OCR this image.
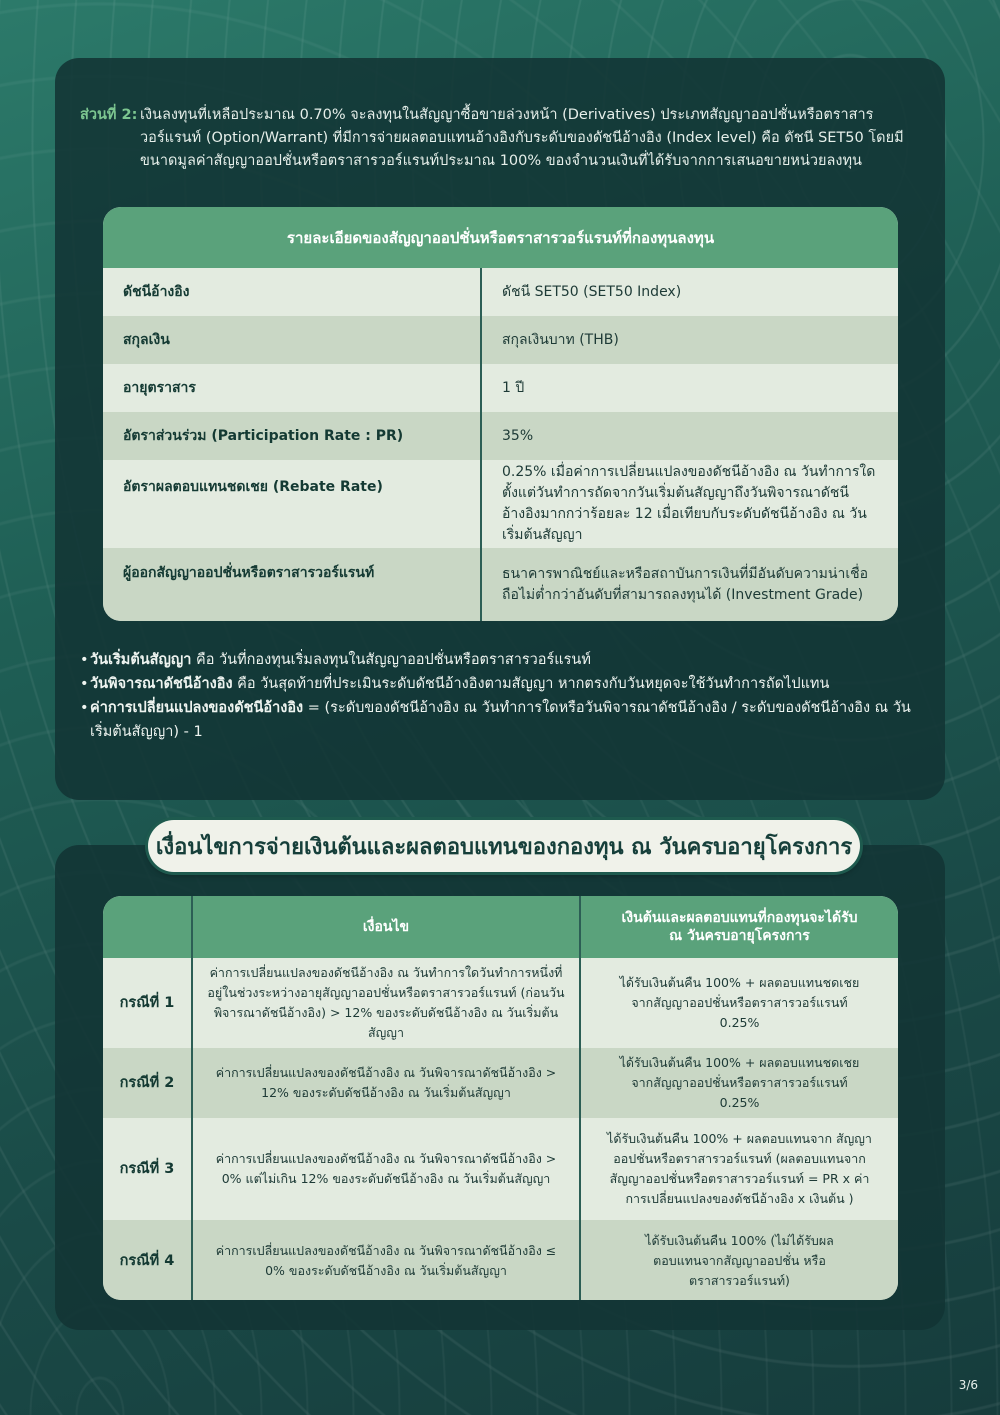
ส่วนที่ 2: เงินลงทุนที่เหลือประมาณ 0.70% จะลงทุนในสัญญาซื้อขายล่วงหน้า (Derivatives) ประเภทสัญญาออปชั่นหรือตราสารวอร์แรนท์ (Option/Warrant) ที่มีการจ่ายผลตอบแทนอ้างอิงกับระดับของดัชนีอ้างอิง (Index level) คือ ดัชนี SET50 โดยมีขนาดมูลค่าสัญญาออปชั่นหรือตราสารวอร์แรนท์ประมาณ 100% ของจำนวนเงินที่ได้รับจากการเสนอขายหน่วยลงทุน
รายละเอียดของสัญญาออปชั่นหรือตราสารวอร์แรนท์ที่กองทุนลงทุน
ดัชนีอ้างอิง	ดัชนี SET50 (SET50 Index)
สกุลเงิน	สกุลเงินบาท (THB)
อายุตราสาร	1 ปี
อัตราส่วนร่วม (Participation Rate : PR)	35%
อัตราผลตอบแทนชดเชย (Rebate Rate)	0.25% เมื่อค่าการเปลี่ยนแปลงของดัชนีอ้างอิง ณ วันทำการใดตั้งแต่วันทำการถัดจากวันเริ่มต้นสัญญาถึงวันพิจารณาดัชนีอ้างอิงมากกว่าร้อยละ 12 เมื่อเทียบกับระดับดัชนีอ้างอิง ณ วันเริ่มต้นสัญญา
ผู้ออกสัญญาออปชั่นหรือตราสารวอร์แรนท์	ธนาคารพาณิชย์และหรือสถาบันการเงินที่มีอันดับความน่าเชื่อถือไม่ต่ำกว่าอันดับที่สามารถลงทุนได้ (Investment Grade)
• วันเริ่มต้นสัญญา คือ วันที่กองทุนเริ่มลงทุนในสัญญาออปชั่นหรือตราสารวอร์แรนท์
• วันพิจารณาดัชนีอ้างอิง คือ วันสุดท้ายที่ประเมินระดับดัชนีอ้างอิงตามสัญญา หากตรงกับวันหยุดจะใช้วันทำการถัดไปแทน
• ค่าการเปลี่ยนแปลงของดัชนีอ้างอิง = (ระดับของดัชนีอ้างอิง ณ วันทำการใดหรือวันพิจารณาดัชนีอ้างอิง / ระดับของดัชนีอ้างอิง ณ วันเริ่มต้นสัญญา) - 1
เงื่อนไขการจ่ายเงินต้นและผลตอบแทนของกองทุน ณ วันครบอายุโครงการ
	เงื่อนไข	เงินต้นและผลตอบแทนที่กองทุนจะได้รับ ณ วันครบอายุโครงการ
กรณีที่ 1	ค่าการเปลี่ยนแปลงของดัชนีอ้างอิง ณ วันทำการใดวันทำการหนึ่งที่อยู่ในช่วงระหว่างอายุสัญญาออปชั่นหรือตราสารวอร์แรนท์ (ก่อนวันพิจารณาดัชนีอ้างอิง) > 12% ของระดับดัชนีอ้างอิง ณ วันเริ่มต้นสัญญา	ได้รับเงินต้นคืน 100% + ผลตอบแทนชดเชย จากสัญญาออปชั่นหรือตราสารวอร์แรนท์ 0.25%
กรณีที่ 2	ค่าการเปลี่ยนแปลงของดัชนีอ้างอิง ณ วันพิจารณาดัชนีอ้างอิง > 12% ของระดับดัชนีอ้างอิง ณ วันเริ่มต้นสัญญา	ได้รับเงินต้นคืน 100% + ผลตอบแทนชดเชย จากสัญญาออปชั่นหรือตราสารวอร์แรนท์ 0.25%
กรณีที่ 3	ค่าการเปลี่ยนแปลงของดัชนีอ้างอิง ณ วันพิจารณาดัชนีอ้างอิง > 0% แต่ไม่เกิน 12% ของระดับดัชนีอ้างอิง ณ วันเริ่มต้นสัญญา	ได้รับเงินต้นคืน 100% + ผลตอบแทนจาก สัญญาออปชั่นหรือตราสารวอร์แรนท์ (ผลตอบแทนจากสัญญาออปชั่นหรือตราสารวอร์แรนท์ = PR x ค่าการเปลี่ยนแปลงของดัชนีอ้างอิง x เงินต้น )
กรณีที่ 4	ค่าการเปลี่ยนแปลงของดัชนีอ้างอิง ณ วันพิจารณาดัชนีอ้างอิง ≤ 0% ของระดับดัชนีอ้างอิง ณ วันเริ่มต้นสัญญา	ได้รับเงินต้นคืน 100% (ไม่ได้รับผลตอบแทนจากสัญญาออปชั่น หรือตราสารวอร์แรนท์)
3/6
